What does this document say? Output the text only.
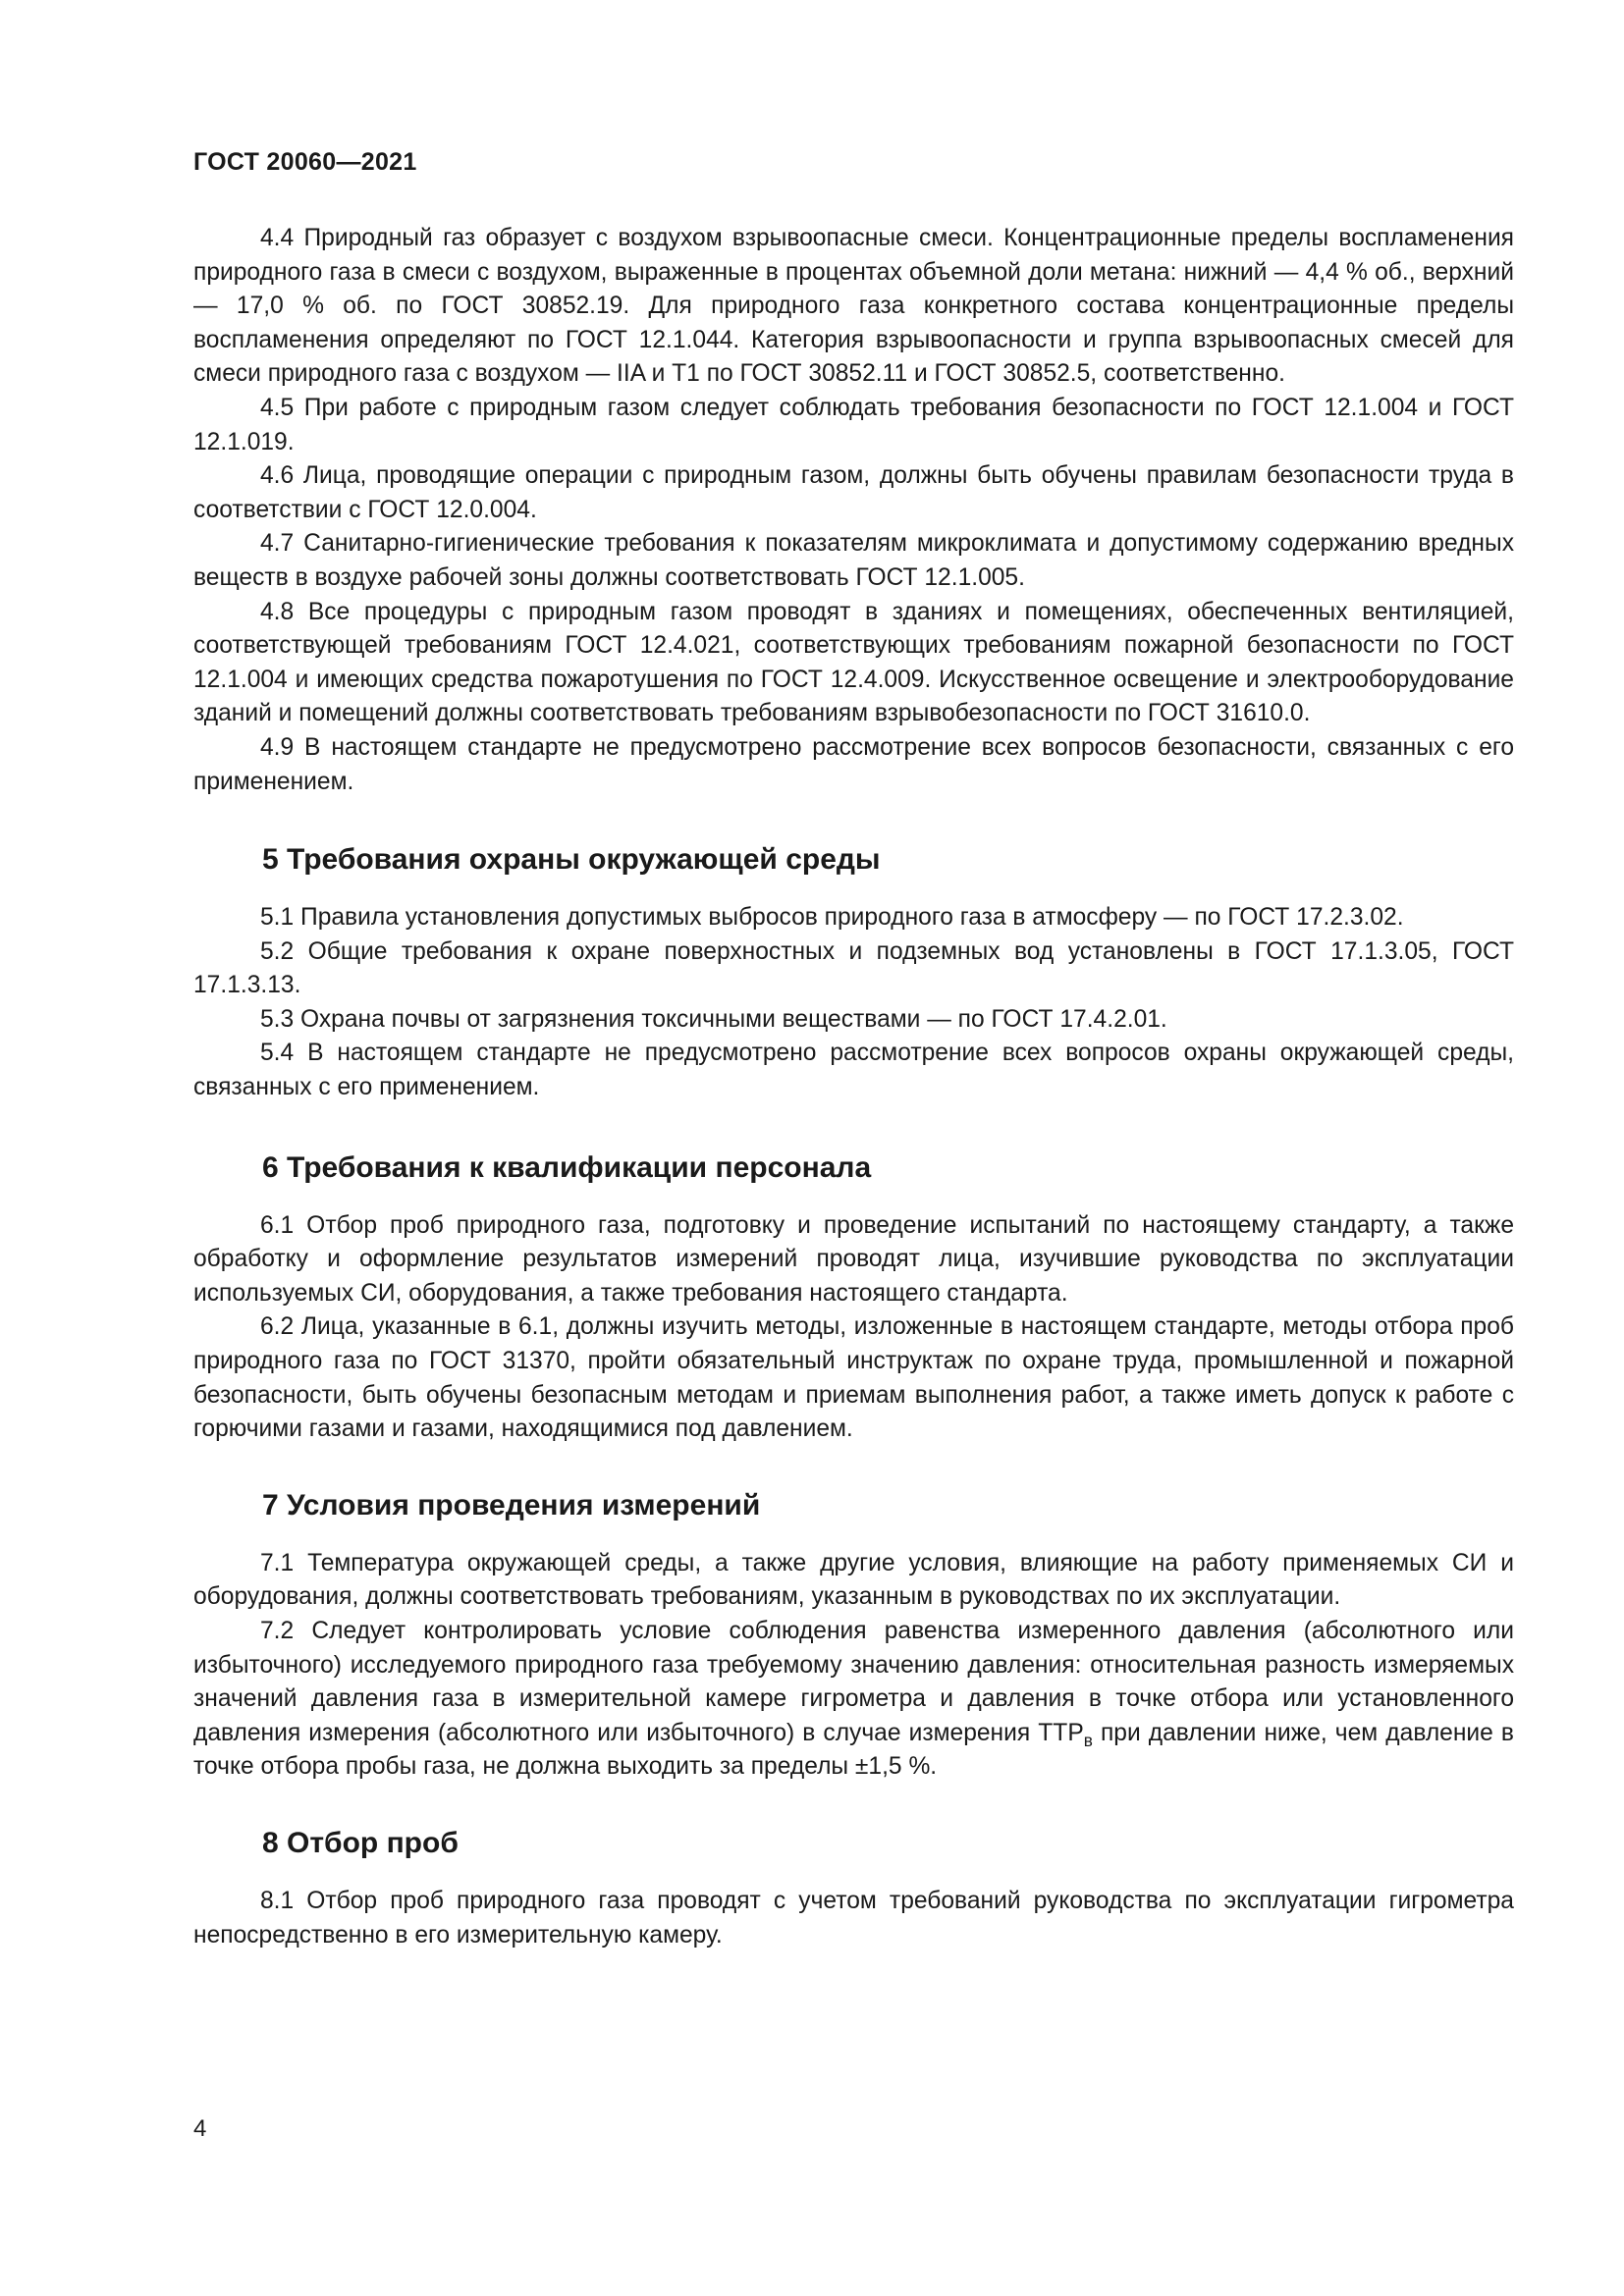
ГОСТ 20060—2021

4.4 Природный газ образует с воздухом взрывоопасные смеси. Концентрационные пределы воспламенения природного газа в смеси с воздухом, выраженные в процентах объемной доли метана: нижний — 4,4 % об., верхний — 17,0 % об. по ГОСТ 30852.19. Для природного газа конкретного состава концентрационные пределы воспламенения определяют по ГОСТ 12.1.044. Категория взрывоопасности и группа взрывоопасных смесей для смеси природного газа с воздухом — IIA и Т1 по ГОСТ 30852.11 и ГОСТ 30852.5, соответственно.

4.5 При работе с природным газом следует соблюдать требования безопасности по ГОСТ 12.1.004 и ГОСТ 12.1.019.

4.6 Лица, проводящие операции с природным газом, должны быть обучены правилам безопасности труда в соответствии с ГОСТ 12.0.004.

4.7 Санитарно-гигиенические требования к показателям микроклимата и допустимому содержанию вредных веществ в воздухе рабочей зоны должны соответствовать ГОСТ 12.1.005.

4.8 Все процедуры с природным газом проводят в зданиях и помещениях, обеспеченных вентиляцией, соответствующей требованиям ГОСТ 12.4.021, соответствующих требованиям пожарной безопасности по ГОСТ 12.1.004 и имеющих средства пожаротушения по ГОСТ 12.4.009. Искусственное освещение и электрооборудование зданий и помещений должны соответствовать требованиям взрывобезопасности по ГОСТ 31610.0.

4.9 В настоящем стандарте не предусмотрено рассмотрение всех вопросов безопасности, связанных с его применением.

5 Требования охраны окружающей среды

5.1 Правила установления допустимых выбросов природного газа в атмосферу — по ГОСТ 17.2.3.02.

5.2 Общие требования к охране поверхностных и подземных вод установлены в ГОСТ 17.1.3.05, ГОСТ 17.1.3.13.

5.3 Охрана почвы от загрязнения токсичными веществами — по ГОСТ 17.4.2.01.

5.4 В настоящем стандарте не предусмотрено рассмотрение всех вопросов охраны окружающей среды, связанных с его применением.

6 Требования к квалификации персонала

6.1 Отбор проб природного газа, подготовку и проведение испытаний по настоящему стандарту, а также обработку и оформление результатов измерений проводят лица, изучившие руководства по эксплуатации используемых СИ, оборудования, а также требования настоящего стандарта.

6.2 Лица, указанные в 6.1, должны изучить методы, изложенные в настоящем стандарте, методы отбора проб природного газа по ГОСТ 31370, пройти обязательный инструктаж по охране труда, промышленной и пожарной безопасности, быть обучены безопасным методам и приемам выполнения работ, а также иметь допуск к работе с горючими газами и газами, находящимися под давлением.

7 Условия проведения измерений

7.1 Температура окружающей среды, а также другие условия, влияющие на работу применяемых СИ и оборудования, должны соответствовать требованиям, указанным в руководствах по их эксплуатации.

7.2 Следует контролировать условие соблюдения равенства измеренного давления (абсолютного или избыточного) исследуемого природного газа требуемому значению давления: относительная разность измеряемых значений давления газа в измерительной камере гигрометра и давления в точке отбора или установленного давления измерения (абсолютного или избыточного) в случае измерения $ТТР_в$ при давлении ниже, чем давление в точке отбора пробы газа, не должна выходить за пределы ±1,5 %.

8 Отбор проб

8.1 Отбор проб природного газа проводят с учетом требований руководства по эксплуатации гигрометра непосредственно в его измерительную камеру.

4
